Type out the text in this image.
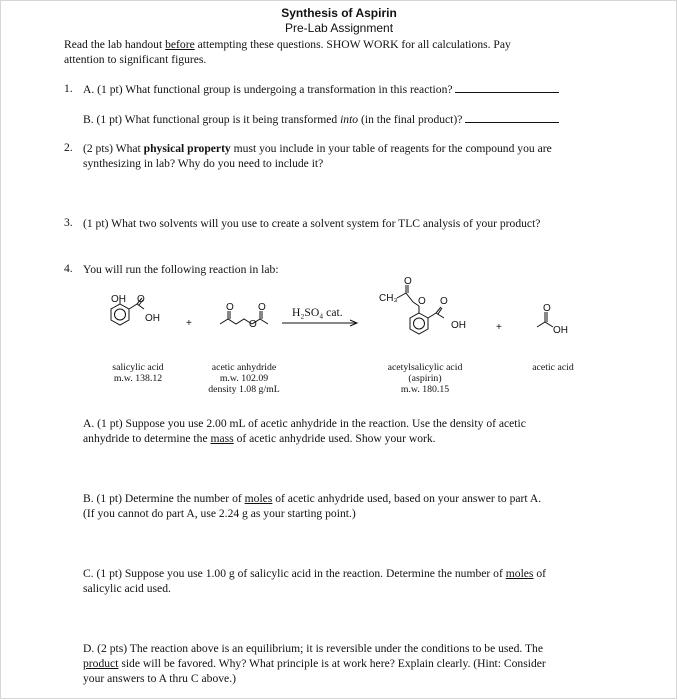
Synthesis of Aspirin
Pre-Lab Assignment
Read the lab handout before attempting these questions. SHOW WORK for all calculations. Pay
attention to significant figures.
1. A. (1 pt) What functional group is undergoing a transformation in this reaction?
B. (1 pt) What functional group is it being transformed into (in the final product)?
2. (2 pts) What physical property must you include in your table of reagents for the compound you are
synthesizing in lab? Why do you need to include it?
3. (1 pt) What two solvents will you use to create a solvent system for TLC analysis of your product?
4. You will run the following reaction in lab:
OH O
OH	+
O O
O
H₂SO₄ cat.
O
CH₃ O O
OH	+
O
OH
salicylic acid
m.w. 138.12
acetic anhydride
m.w. 102.09
density 1.08 g/mL
acetylsalicylic acid
(aspirin)
m.w. 180.15
acetic acid
A. (1 pt) Suppose you use 2.00 mL of acetic anhydride in the reaction. Use the density of acetic
anhydride to determine the mass of acetic anhydride used. Show your work.
B. (1 pt) Determine the number of moles of acetic anhydride used, based on your answer to part A.
(If you cannot do part A, use 2.24 g as your starting point.)
C. (1 pt) Suppose you use 1.00 g of salicylic acid in the reaction. Determine the number of moles of
salicylic acid used.
D. (2 pts) The reaction above is an equilibrium; it is reversible under the conditions to be used. The
product side will be favored. Why? What principle is at work here? Explain clearly. (Hint: Consider
your answers to A thru C above.)
